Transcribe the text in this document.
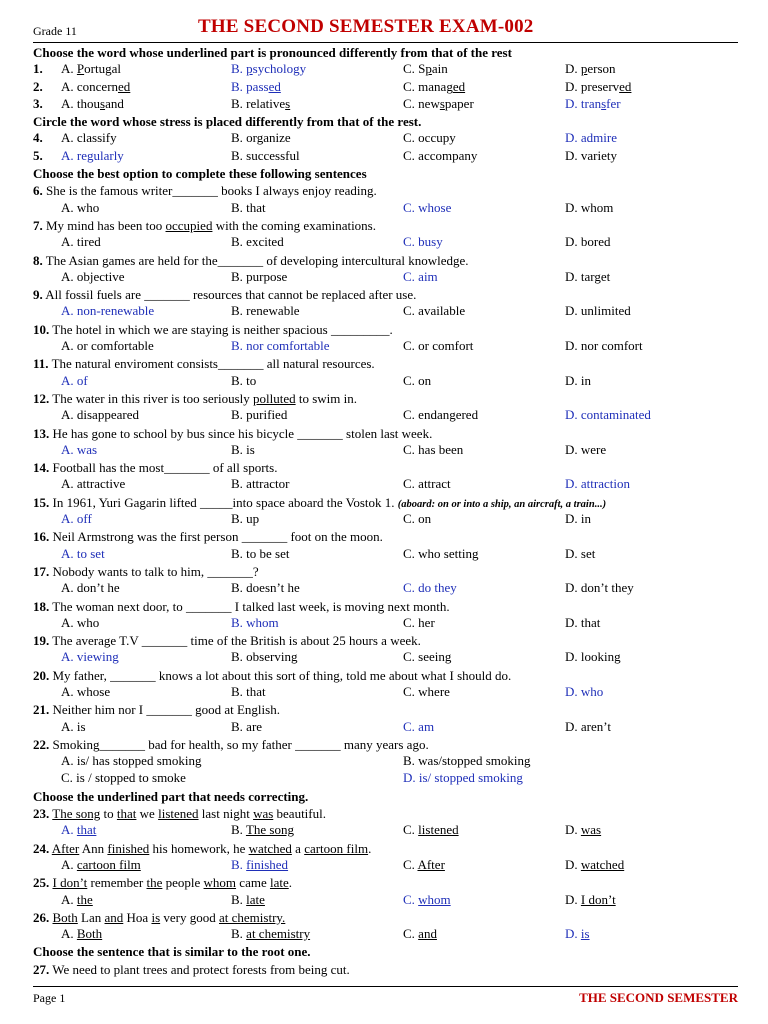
Grade 11	THE SECOND SEMESTER EXAM-002
Choose the word whose underlined part is pronounced differently from that of the rest
1. A. Portugal	B. psychology	C. Spain	D. person
2. A. concerned	B. passed	C. managed	D. preserved
3. A. thousand	B. relatives	C. newspaper	D. transfer
Circle the word whose stress is placed differently from that of the rest.
4. A. classify	B. organize	C. occupy	D. admire
5. A. regularly	B. successful	C. accompany	D. variety
Choose the best option to complete these following sentences
6. She is the famous writer_______ books I always enjoy reading.
A. who	B. that	C. whose	D. whom
7. My mind has been too occupied with the coming examinations.
A. tired	B. excited	C. busy	D. bored
8. The Asian games are held for the_______ of developing intercultural knowledge.
A. objective	B. purpose	C. aim	D. target
9. All fossil fuels are _______ resources that cannot be replaced after use.
A. non-renewable	B. renewable	C. available	D. unlimited
10. The hotel in which we are staying is neither spacious _________.
A. or comfortable	B. nor comfortable	C. or comfort	D. nor comfort
11. The natural enviroment consists_______ all natural resources.
A. of	B. to	C. on	D. in
12. The water in this river is too seriously polluted to swim in.
A. disappeared	B. purified	C. endangered	D. contaminated
13. He has gone to school by bus since his bicycle _______ stolen last week.
A. was	B. is	C. has been	D. were
14. Football has the most_______ of all sports.
A. attractive	B. attractor	C. attract	D. attraction
15. In 1961, Yuri Gagarin lifted _____into space aboard the Vostok 1. (aboard: on or into a ship, an aircraft, a train...)
A. off	B. up	C. on	D. in
16. Neil Armstrong was the first person _______ foot on the moon.
A. to set	B. to be set	C. who setting	D. set
17. Nobody wants to talk to him, _______?
A. don’t he	B. doesn’t he	C. do they	D. don’t they
18. The woman next door, to _______ I talked last week, is moving next month.
A. who	B. whom	C. her	D. that
19. The average T.V _______ time of the British is about 25 hours a week.
A. viewing	B. observing	C. seeing	D. looking
20. My father, _______ knows a lot about this sort of thing, told me about what I should do.
A. whose	B. that	C. where	D. who
21. Neither him nor I _______ good at English.
A. is	B. are	C. am	D. aren’t
22. Smoking_______ bad for health, so my father _______ many years ago.
A. is/ has stopped smoking	B. was/stopped smoking
C. is / stopped to smoke	D. is/ stopped smoking
Choose the underlined part that needs correcting.
23. The song to that we listened last night was beautiful.
A. that	B. The song	C. listened	D. was
24. After Ann finished his homework, he watched a cartoon film.
A. cartoon film	B. finished	C. After	D. watched
25. I don’t remember the people whom came late.
A. the	B. late	C. whom	D. I don’t
26. Both Lan and Hoa is very good at chemistry.
A. Both	B. at chemistry	C. and	D. is
Choose the sentence that is similar to the root one.
27. We need to plant trees and protect forests from being cut.
Page 1	THE SECOND SEMESTER
